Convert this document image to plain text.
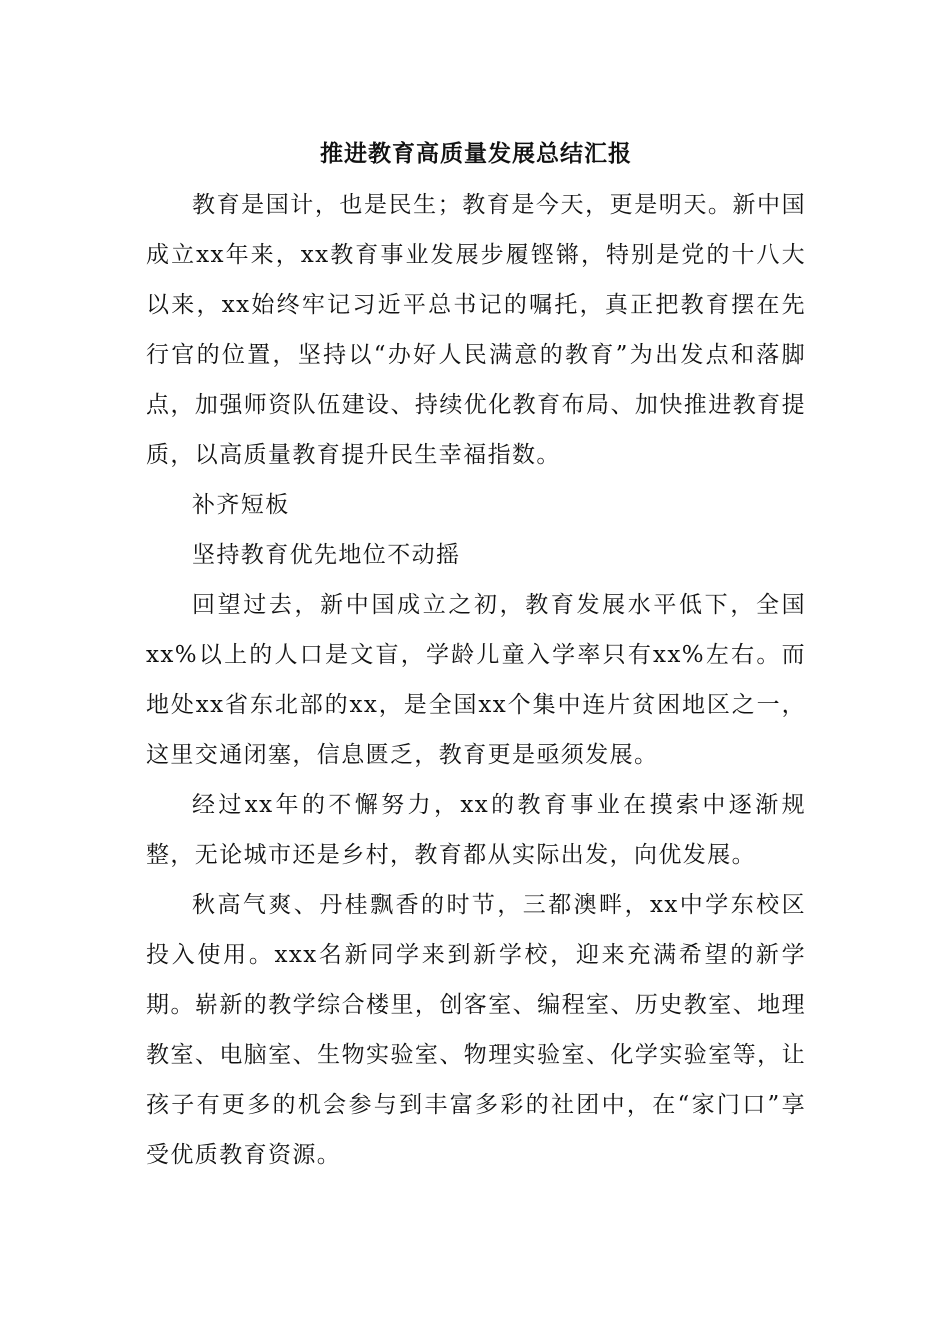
推进教育高质量发展总结汇报

教育是国计，也是民生；教育是今天，更是明天。新中国成立xx年来，xx教育事业发展步履铿锵，特别是党的十八大以来，xx始终牢记习近平总书记的嘱托，真正把教育摆在先行官的位置，坚持以“办好人民满意的教育”为出发点和落脚点，加强师资队伍建设、持续优化教育布局、加快推进教育提质，以高质量教育提升民生幸福指数。

补齐短板

坚持教育优先地位不动摇

回望过去，新中国成立之初，教育发展水平低下，全国xx%以上的人口是文盲，学龄儿童入学率只有xx%左右。而地处xx省东北部的xx，是全国xx个集中连片贫困地区之一，这里交通闭塞，信息匮乏，教育更是亟须发展。

经过xx年的不懈努力，xx的教育事业在摸索中逐渐规整，无论城市还是乡村，教育都从实际出发，向优发展。

秋高气爽、丹桂飘香的时节，三都澳畔，xx中学东校区投入使用。xxx名新同学来到新学校，迎来充满希望的新学期。崭新的教学综合楼里，创客室、编程室、历史教室、地理教室、电脑室、生物实验室、物理实验室、化学实验室等，让孩子有更多的机会参与到丰富多彩的社团中，在“家门口”享受优质教育资源。
